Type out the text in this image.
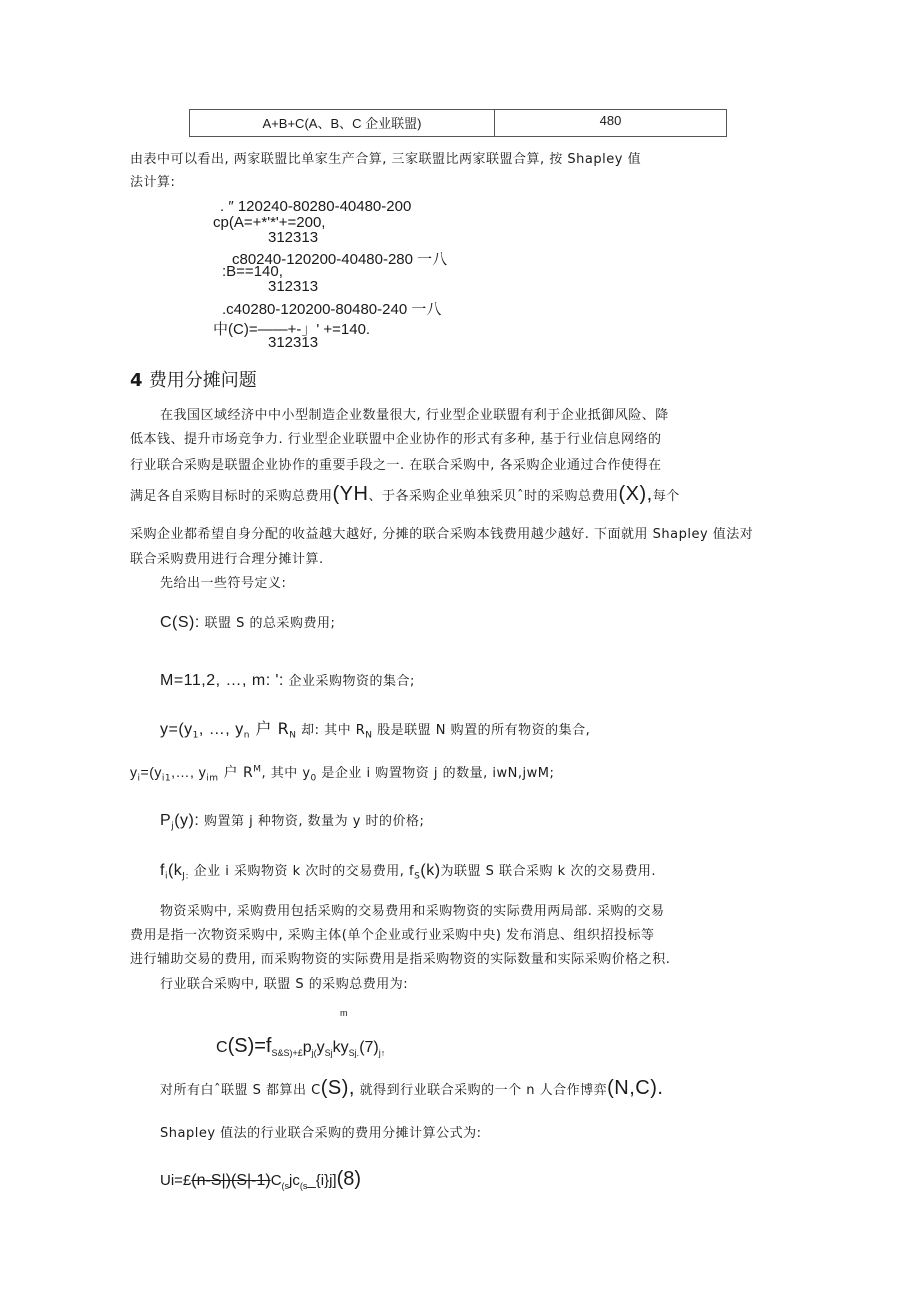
A+B+C(A、B、C 企业联盟)	480
由表中可以看出, 两家联盟比单家生产合算, 三家联盟比两家联盟合算, 按 Shapley 值
法计算:
. ″ 120240-80280-40480-200
cp(A=+*'*'+=200,
312313
c80240-120200-40480-280 一八
:B==140,
312313
.c40280-120200-80480-240 一八
中(C)=——+-」' +=140.
312313
4 费用分摊问题
在我国区域经济中中小型制造企业数量很大, 行业型企业联盟有利于企业抵御风险、降
低本钱、提升市场竞争力. 行业型企业联盟中企业协作的形式有多种, 基于行业信息网络的
行业联合采购是联盟企业协作的重要手段之一. 在联合采购中, 各采购企业通过合作使得在
满足各自采购目标时的采购总费用(YH、于各采购企业单独采贝ˆ时的采购总费用(X),每个
采购企业都希望自身分配的收益越大越好, 分摊的联合采购本钱费用越少越好. 下面就用 Shapley 值法对
联合采购费用进行合理分摊计算.
先给出一些符号定义:
C(S): 联盟 S 的总采购费用;
M=11,2, …, m: ': 企业采购物资的集合;
$y=(y_1$, …, $y_n$ 户 $R_N$ 却: 其中 $R_N$ 股是联盟 N 购置的所有物资的集合,
$y_i=(y_{i1},\dots$, $y_{im}$ 户 $R^M$, 其中 $y_0$ 是企业 i 购置物资 j 的数量, iwN,jwM;
$P_j(y)$: 购置第 j 种物资, 数量为 y 时的价格;
$f_i(k_{J:}$ 企业 i 采购物资 k 次时的交易费用, $f_S(k)$为联盟 S 联合采购 k 次的交易费用.
物资采购中, 采购费用包括采购的交易费用和采购物资的实际费用两局部. 采购的交易
费用是指一次物资采购中, 采购主体(单个企业或行业采购中央) 发布消息、组织招投标等
进行辅助交易的费用, 而采购物资的实际费用是指采购物资的实际数量和实际采购价格之积.
行业联合采购中, 联盟 S 的采购总费用为:
m
$C(S)=f_{S\&S)+£}p_{j(}y_{Sj}ky_{Sj.}(7)_{j↑}$
对所有白ˆ联盟 S 都算出 C(S), 就得到行业联合采购的一个 n 人合作博弈(N,C).
Shapley 值法的行业联合采购的费用分摊计算公式为:
$Ui=£(n-S|)(S|-1)C_{(s}jc_{(s}\_\{i\}j](8)$
